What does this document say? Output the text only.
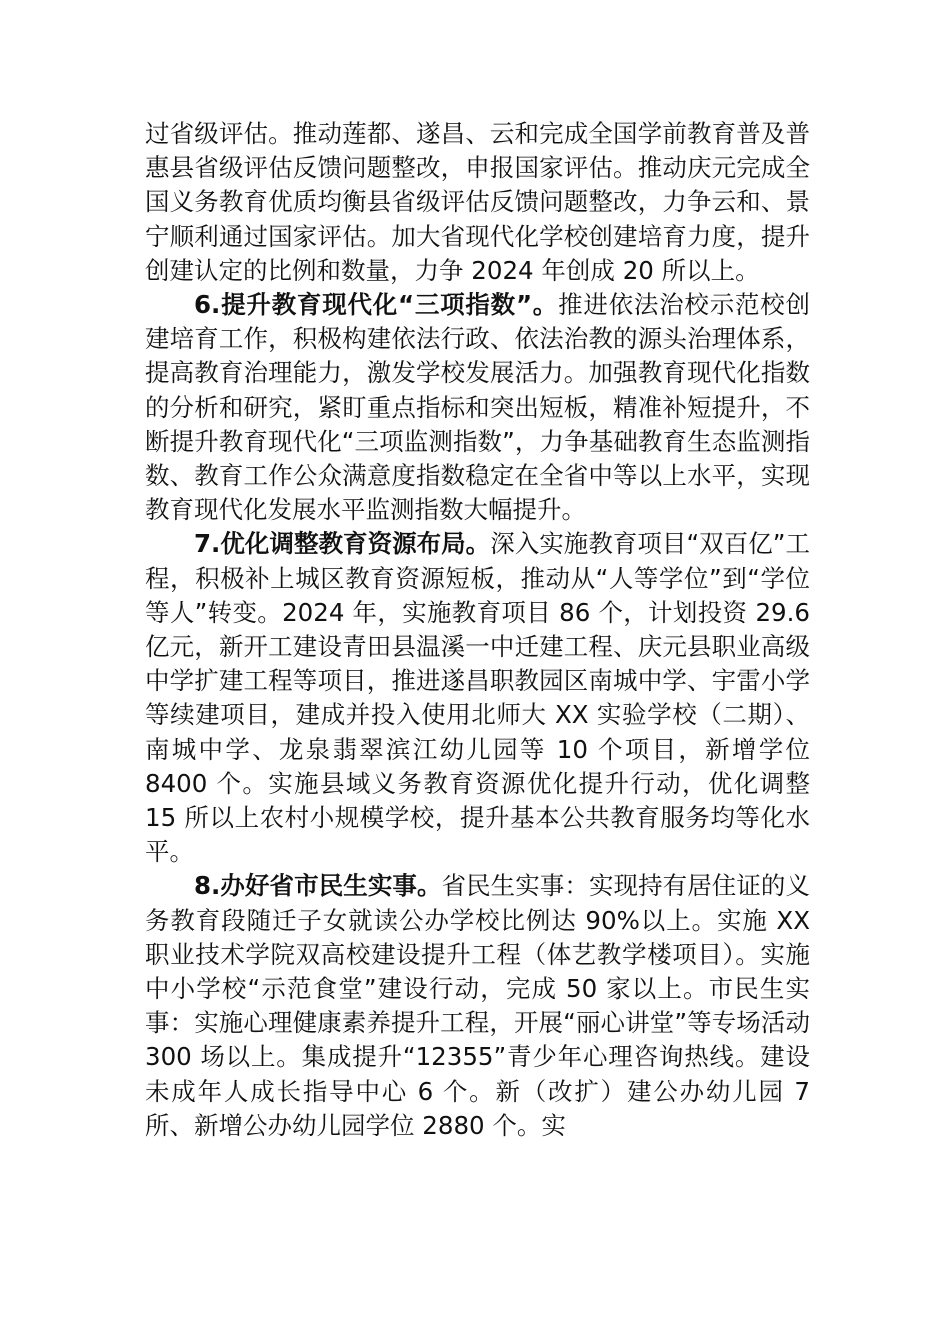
过省级评估。推动莲都、遂昌、云和完成全国学前教育普及普惠县省级评估反馈问题整改，申报国家评估。推动庆元完成全国义务教育优质均衡县省级评估反馈问题整改，力争云和、景宁顺利通过国家评估。加大省现代化学校创建培育力度，提升创建认定的比例和数量，力争 2024 年创成 20 所以上。

6.提升教育现代化“三项指数”。推进依法治校示范校创建培育工作，积极构建依法行政、依法治教的源头治理体系，提高教育治理能力，激发学校发展活力。加强教育现代化指数的分析和研究，紧盯重点指标和突出短板，精准补短提升，不断提升教育现代化“三项监测指数”，力争基础教育生态监测指数、教育工作公众满意度指数稳定在全省中等以上水平，实现教育现代化发展水平监测指数大幅提升。

7.优化调整教育资源布局。深入实施教育项目“双百亿”工程，积极补上城区教育资源短板，推动从“人等学位”到“学位等人”转变。2024 年，实施教育项目 86 个，计划投资 29.6 亿元，新开工建设青田县温溪一中迁建工程、庆元县职业高级中学扩建工程等项目，推进遂昌职教园区南城中学、宇雷小学等续建项目，建成并投入使用北师大 XX 实验学校（二期）、南城中学、龙泉翡翠滨江幼儿园等 10 个项目，新增学位 8400 个。实施县域义务教育资源优化提升行动，优化调整 15 所以上农村小规模学校，提升基本公共教育服务均等化水平。

8.办好省市民生实事。省民生实事：实现持有居住证的义务教育段随迁子女就读公办学校比例达 90%以上。实施 XX 职业技术学院双高校建设提升工程（体艺教学楼项目）。实施中小学校“示范食堂”建设行动，完成 50 家以上。市民生实事：实施心理健康素养提升工程，开展“丽心讲堂”等专场活动 300 场以上。集成提升“12355”青少年心理咨询热线。建设未成年人成长指导中心 6 个。新（改扩）建公办幼儿园 7 所、新增公办幼儿园学位 2880 个。实
